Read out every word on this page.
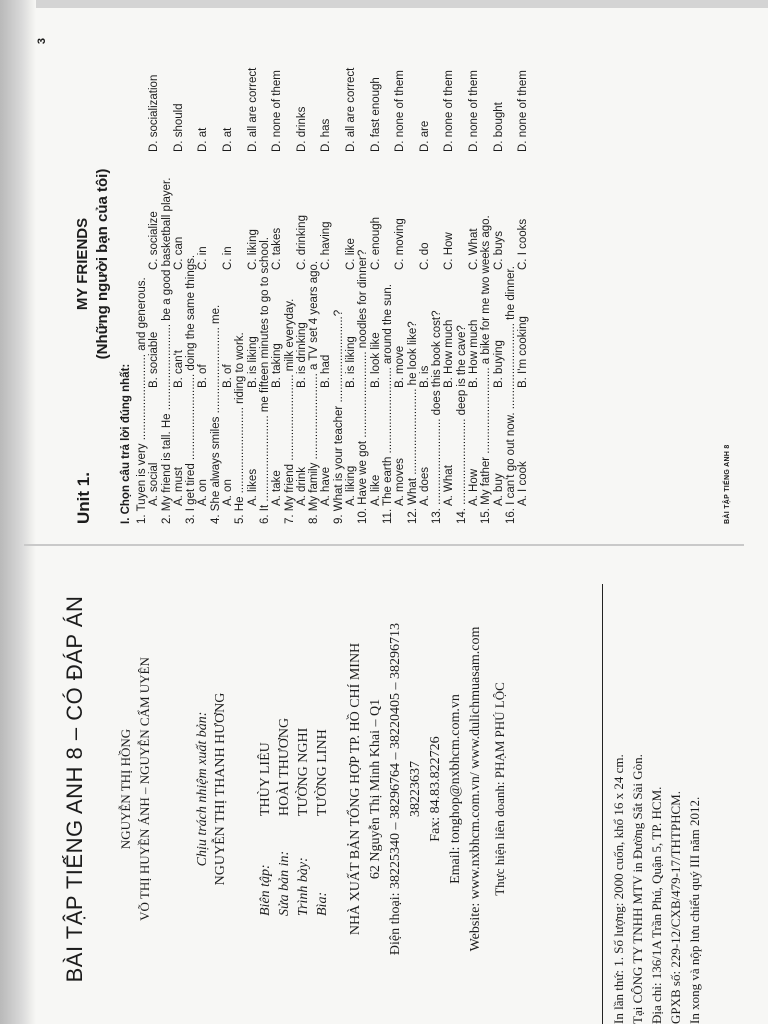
BÀI TẬP TIẾNG ANH 8 – CÓ ĐÁP ÁN NGUYỄN THỊ HỒNG VÕ THỊ HUYỀN ÁNH – NGUYỄN CẨM UYÊN	Chịu trách nhiệm xuất bản: NGUYỄN THỊ THANH HƯƠNG
Biên tập:
THÙY LIÊU
Sửa bản in:
HOÀI THƯƠNG
Trình bày:
TƯỜNG NGHI
Bìa:
TƯỜNG LINH NHÀ XUẤT BẢN TỔNG HỢP TP. HỒ CHÍ MINH 62 Nguyễn Thị Minh Khai – Q1 Điện thoại: 38225340 – 38296764 – 38220405 – 38296713 38223637 Fax: 84.83.822726 Email: tonghop@nxbhcm.com.vn Website: www.nxbhcm.com.vn/ www.dulichmuasam.com Thực hiện liên doanh: PHẠM PHÚ LỘC	In lần thứ: 1. Số lượng: 2000 cuốn, khổ 16 x 24 cm. Tại CÔNG TY TNHH MTV in Đường Sắt Sài Gòn. Địa chỉ: 136/1A Trần Phú, Quận 5, TP. HCM. GPXB số: 229-12/CXB/479-17/THTPHCM. In xong và nộp lưu chiểu quý III năm 2012.
3
Unit 1.
MY FRIENDS (Những người bạn của tôi)
I. Chọn câu trả lời đúng nhất: 1. Tuyen is very ........................... and generous. A. social
B. sociable
C. socialize
D. socialization
2. My friend is tall. He ........................... be a good basketball player. A. must
B. can't
C. can
D. should
3. I get tired ........................... doing the same things. A. on
B. of
C. in
D. at
4. She always smiles ........................... me. A. on
B. of
C. in
D. at
5. He ........................... riding to work. A. likes
B. is liking
C. liking
D. all are correct
6. It ........................... me fifteen minutes to go to school. A. take
B. taking
C. takes
D. none of them
7. My friend ........................... milk everyday. A. drink
B. is drinking
C. drinking
D. drinks
8. My family ........................... a TV set 4 years ago. A. have
B. had
C. having
D. has
9. What is your teacher ...........................? A. liking
B. is liking
C. like
D. all are correct
10. Have we got ........................... noodles for dinner? A. like
B. look like
C. enough
D. fast enough
11. The earth ........................... around the sun. A. moves
B. move
C. moving
D. none of them
12. What ........................... he look like? A. does
B. is
C. do
D. are
13. ........................... does this book cost? A. What
B. How much
C. How
D. none of them
14. ........................... deep is the cave? A. How
B. How much
C. What
D. none of them
15. My father ........................... a bike for me two weeks ago. A. buy
B. buying
C. buys
D. bought
16. I can't go out now. ........................... the dinner. A. I cook
B. I'm cooking
C. I cooks
D. none of them
BÀI TẬP TIẾNG ANH 8
